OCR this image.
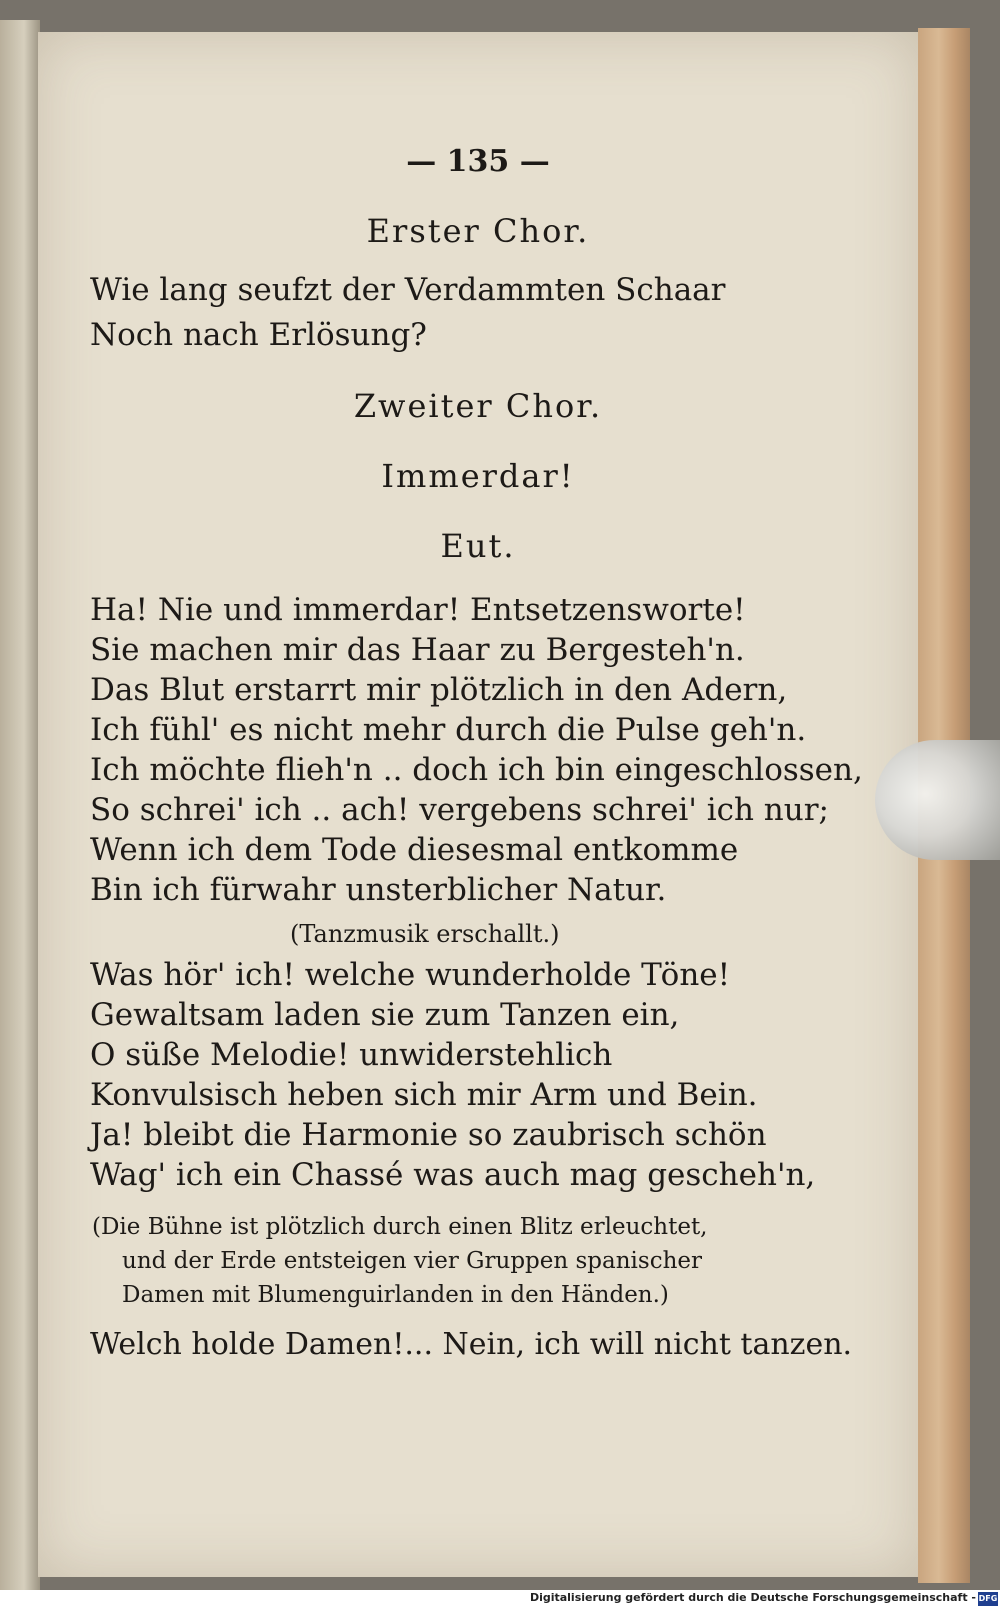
— 135 —
Erster Chor.
Wie lang seufzt der Verdammten Schaar
Noch nach Erlösung?
Zweiter Chor.
Immerdar!
Eut.
Ha! Nie und immerdar! Entsetzensworte!
Sie machen mir das Haar zu Bergesteh'n.
Das Blut erstarrt mir plötzlich in den Adern,
Ich fühl' es nicht mehr durch die Pulse geh'n.
Ich möchte flieh'n .. doch ich bin eingeschlossen,
So schrei' ich .. ach! vergebens schrei' ich nur;
Wenn ich dem Tode diesesmal entkomme
Bin ich fürwahr unsterblicher Natur.
(Tanzmusik erschallt.)
Was hör' ich! welche wunderholde Töne!
Gewaltsam laden sie zum Tanzen ein,
O süße Melodie! unwiderstehlich
Konvulsisch heben sich mir Arm und Bein.
Ja! bleibt die Harmonie so zaubrisch schön
Wag' ich ein Chassé was auch mag gescheh'n,
(Die Bühne ist plötzlich durch einen Blitz erleuchtet,
und der Erde entsteigen vier Gruppen spanischer
Damen mit Blumenguirlanden in den Händen.)
Welch holde Damen!... Nein, ich will nicht tanzen.
Digitalisierung gefördert durch die Deutsche Forschungsgemeinschaft - DFG
